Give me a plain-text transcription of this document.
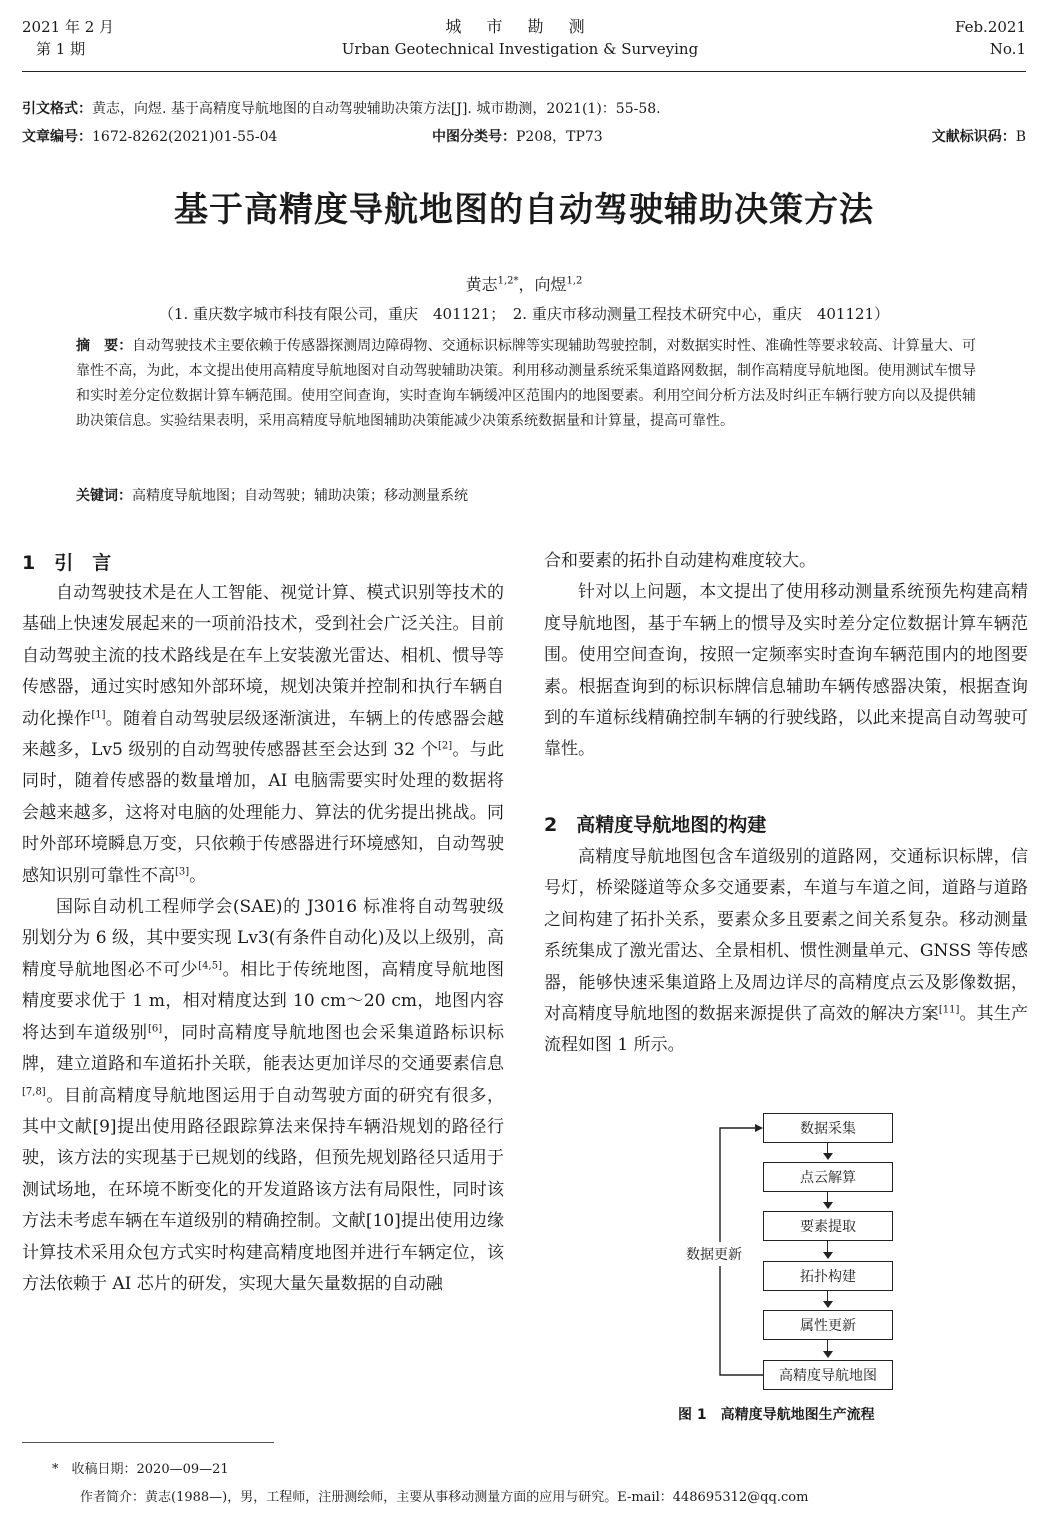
2021 年 2 月
第 1 期
城 市 勘 测
Urban Geotechnical Investigation & Surveying
Feb.2021
No.1
引文格式：黄志，向煜. 基于高精度导航地图的自动驾驶辅助决策方法[J]. 城市勘测，2021(1)：55-58.
文章编号：1672-8262(2021)01-55-04	中图分类号：P208，TP73	文献标识码：B
基于高精度导航地图的自动驾驶辅助决策方法
黄志$^{1,2*}$，向煜$^{1,2}$
（1. 重庆数字城市科技有限公司，重庆　401121；　2. 重庆市移动测量工程技术研究中心，重庆　401121）
摘　要：自动驾驶技术主要依赖于传感器探测周边障碍物、交通标识标牌等实现辅助驾驶控制，对数据实时性、准确性等要求较高、计算量大、可靠性不高，为此，本文提出使用高精度导航地图对自动驾驶辅助决策。利用移动测量系统采集道路网数据，制作高精度导航地图。使用测试车惯导和实时差分定位数据计算车辆范围。使用空间查询，实时查询车辆缓冲区范围内的地图要素。利用空间分析方法及时纠正车辆行驶方向以及提供辅助决策信息。实验结果表明，采用高精度导航地图辅助决策能减少决策系统数据量和计算量，提高可靠性。
关键词：高精度导航地图；自动驾驶；辅助决策；移动测量系统
1　引　言

自动驾驶技术是在人工智能、视觉计算、模式识别等技术的基础上快速发展起来的一项前沿技术，受到社会广泛关注。目前自动驾驶主流的技术路线是在车上安装激光雷达、相机、惯导等传感器，通过实时感知外部环境，规划决策并控制和执行车辆自动化操作[1]。随着自动驾驶层级逐渐演进，车辆上的传感器会越来越多，Lv5 级别的自动驾驶传感器甚至会达到 32 个[2]。与此同时，随着传感器的数量增加，AI 电脑需要实时处理的数据将会越来越多，这将对电脑的处理能力、算法的优劣提出挑战。同时外部环境瞬息万变，只依赖于传感器进行环境感知，自动驾驶感知识别可靠性不高[3]。

国际自动机工程师学会(SAE)的 J3016 标准将自动驾驶级别划分为 6 级，其中要实现 Lv3(有条件自动化)及以上级别，高精度导航地图必不可少[4,5]。相比于传统地图，高精度导航地图精度要求优于 1 m，相对精度达到 10 cm～20 cm，地图内容将达到车道级别[6]，同时高精度导航地图也会采集道路标识标牌，建立道路和车道拓扑关联，能表达更加详尽的交通要素信息[7,8]。目前高精度导航地图运用于自动驾驶方面的研究有很多，其中文献[9]提出使用路径跟踪算法来保持车辆沿规划的路径行驶，该方法的实现基于已规划的线路，但预先规划路径只适用于测试场地，在环境不断变化的开发道路该方法有局限性，同时该方法未考虑车辆在车道级别的精确控制。文献[10]提出使用边缘计算技术采用众包方式实时构建高精度地图并进行车辆定位，该方法依赖于 AI 芯片的研发，实现大量矢量数据的自动融

合和要素的拓扑自动建构难度较大。

针对以上问题，本文提出了使用移动测量系统预先构建高精度导航地图，基于车辆上的惯导及实时差分定位数据计算车辆范围。使用空间查询，按照一定频率实时查询车辆范围内的地图要素。根据查询到的标识标牌信息辅助车辆传感器决策，根据查询到的车道标线精确控制车辆的行驶线路，以此来提高自动驾驶可靠性。

2　高精度导航地图的构建

高精度导航地图包含车道级别的道路网，交通标识标牌，信号灯，桥梁隧道等众多交通要素，车道与车道之间，道路与道路之间构建了拓扑关系，要素众多且要素之间关系复杂。移动测量系统集成了激光雷达、全景相机、惯性测量单元、GNSS 等传感器，能够快速采集道路上及周边详尽的高精度点云及影像数据，对高精度导航地图的数据来源提供了高效的解决方案[11]。其生产流程如图 1 所示。

数据采集
点云解算
要素提取
拓扑构建
属性更新
高精度导航地图
数据更新
图 1　 高精度导航地图生产流程
*　 收稿日期：2020—09—21
作者简介：黄志(1988—)，男，工程师，注册测绘师，主要从事移动测量方面的应用与研究。E-mail：448695312@qq.com
